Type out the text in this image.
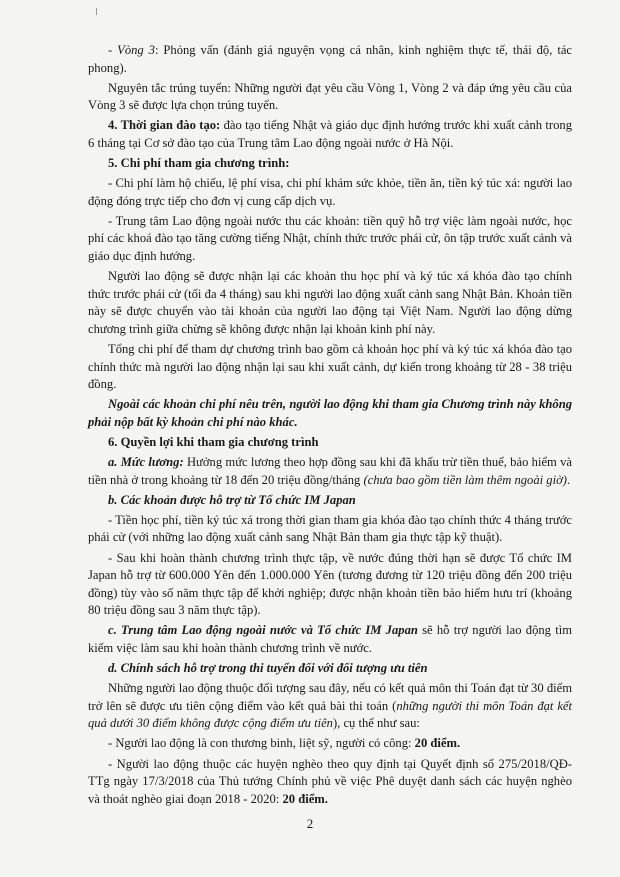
- Vòng 3: Phỏng vấn (đánh giá nguyện vọng cá nhân, kinh nghiệm thực tế, thái độ, tác phong).

Nguyên tắc trúng tuyển: Những người đạt yêu cầu Vòng 1, Vòng 2 và đáp ứng yêu cầu của Vòng 3 sẽ được lựa chọn trúng tuyển.

4. Thời gian đào tạo: đào tạo tiếng Nhật và giáo dục định hướng trước khi xuất cảnh trong 6 tháng tại Cơ sở đào tạo của Trung tâm Lao động ngoài nước ở Hà Nội.

5. Chi phí tham gia chương trình:

- Chi phí làm hộ chiếu, lệ phí visa, chi phí khám sức khỏe, tiền ăn, tiền ký túc xá: người lao động đóng trực tiếp cho đơn vị cung cấp dịch vụ.

- Trung tâm Lao động ngoài nước thu các khoản: tiền quỹ hỗ trợ việc làm ngoài nước, học phí các khoá đào tạo tăng cường tiếng Nhật, chính thức trước phái cử, ôn tập trước xuất cảnh và giáo dục định hướng.

Người lao động sẽ được nhận lại các khoản thu học phí và ký túc xá khóa đào tạo chính thức trước phái cử (tối đa 4 tháng) sau khi người lao động xuất cảnh sang Nhật Bản. Khoản tiền này sẽ được chuyển vào tài khoản của người lao động tại Việt Nam. Người lao động dừng chương trình giữa chừng sẽ không được nhận lại khoản kinh phí này.

Tổng chi phí để tham dự chương trình bao gồm cả khoản học phí và ký túc xá khóa đào tạo chính thức mà người lao động nhận lại sau khi xuất cảnh, dự kiến trong khoảng từ 28 - 38 triệu đồng.

Ngoài các khoản chi phí nêu trên, người lao động khi tham gia Chương trình này không phải nộp bất kỳ khoản chi phí nào khác.

6. Quyền lợi khi tham gia chương trình

a. Mức lương: Hưởng mức lương theo hợp đồng sau khi đã khấu trừ tiền thuế, bảo hiểm và tiền nhà ở trong khoảng từ 18 đến 20 triệu đồng/tháng (chưa bao gồm tiền làm thêm ngoài giờ).

b. Các khoản được hỗ trợ từ Tổ chức IM Japan

- Tiền học phí, tiền ký túc xá trong thời gian tham gia khóa đào tạo chính thức 4 tháng trước phái cử (với những lao động xuất cảnh sang Nhật Bản tham gia thực tập kỹ thuật).

- Sau khi hoàn thành chương trình thực tập, về nước đúng thời hạn sẽ được Tổ chức IM Japan hỗ trợ từ 600.000 Yên đến 1.000.000 Yên (tương đương từ 120 triệu đồng đến 200 triệu đồng) tùy vào số năm thực tập để khởi nghiệp; được nhận khoản tiền bảo hiểm hưu trí (khoảng 80 triệu đồng sau 3 năm thực tập).

c. Trung tâm Lao động ngoài nước và Tổ chức IM Japan sẽ hỗ trợ người lao động tìm kiếm việc làm sau khi hoàn thành chương trình về nước.

d. Chính sách hỗ trợ trong thi tuyển đối với đối tượng ưu tiên

Những người lao động thuộc đối tượng sau đây, nếu có kết quả môn thi Toán đạt từ 30 điểm trở lên sẽ được ưu tiên cộng điểm vào kết quả bài thi toán (những người thi môn Toán đạt kết quả dưới 30 điểm không được cộng điểm ưu tiên), cụ thể như sau:

- Người lao động là con thương binh, liệt sỹ, người có công: 20 điểm.

- Người lao động thuộc các huyện nghèo theo quy định tại Quyết định số 275/2018/QĐ-TTg ngày 17/3/2018 của Thủ tướng Chính phủ về việc Phê duyệt danh sách các huyện nghèo và thoát nghèo giai đoạn 2018 - 2020: 20 điểm.

2
